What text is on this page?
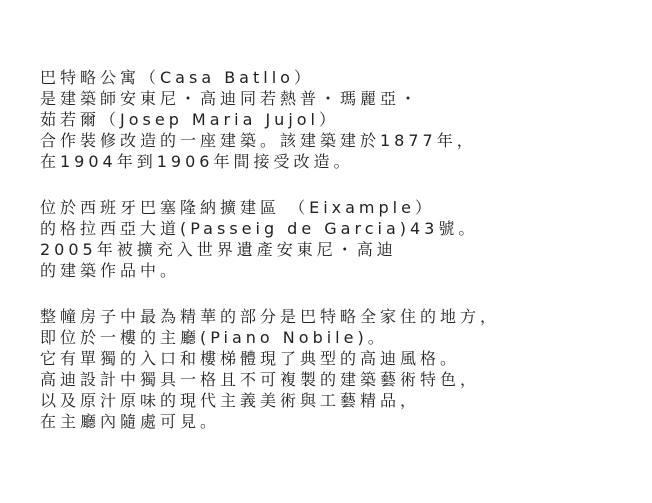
巴特略公寓（Casa Batllo）
是建築師安東尼・高迪同若熱普・瑪麗亞・
茹若爾（Josep Maria Jujol）
合作裝修改造的一座建築。該建築建於1877年，
在1904年到1906年間接受改造。
位於西班牙巴塞隆納擴建區 （Eixample）
的格拉西亞大道(Passeig de Garcia)43號。
2005年被擴充入世界遺產安東尼・高迪
的建築作品中。
整幢房子中最為精華的部分是巴特略全家住的地方，
即位於一樓的主廳(Piano Nobile)。
它有單獨的入口和樓梯體現了典型的高迪風格。
高迪設計中獨具一格且不可複製的建築藝術特色，
以及原汁原味的現代主義美術與工藝精品，
在主廳內隨處可見。
